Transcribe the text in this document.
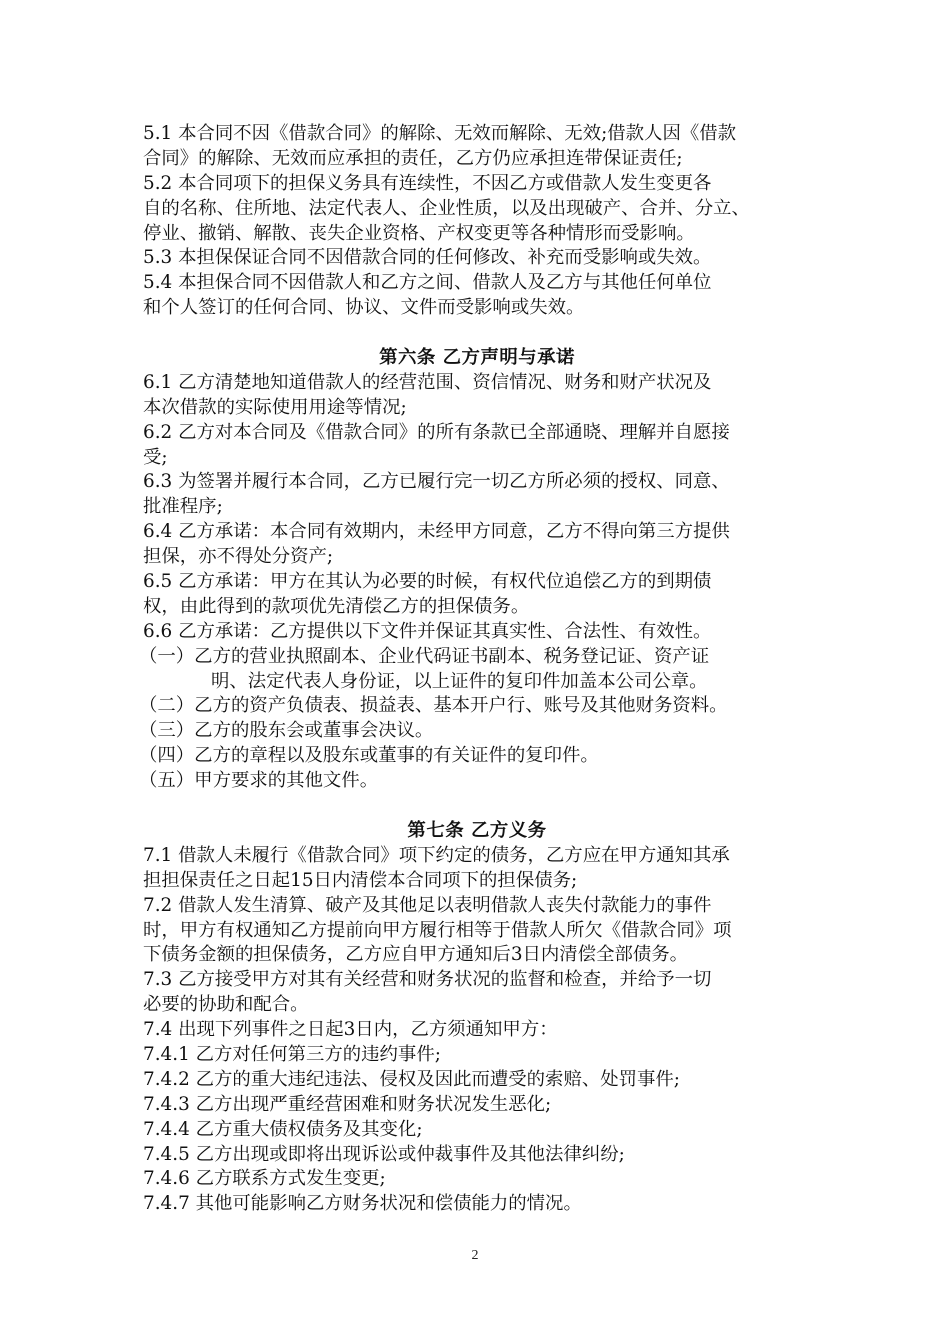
5.1 本合同不因《借款合同》的解除、无效而解除、无效;借款人因《借款
合同》的解除、无效而应承担的责任，乙方仍应承担连带保证责任;
5.2 本合同项下的担保义务具有连续性，不因乙方或借款人发生变更各
自的名称、住所地、法定代表人、企业性质，以及出现破产、合并、分立、
停业、撤销、解散、丧失企业资格、产权变更等各种情形而受影响。
5.3 本担保保证合同不因借款合同的任何修改、补充而受影响或失效。
5.4 本担保合同不因借款人和乙方之间、借款人及乙方与其他任何单位
和个人签订的任何合同、协议、文件而受影响或失效。
第六条 乙方声明与承诺
6.1 乙方清楚地知道借款人的经营范围、资信情况、财务和财产状况及
本次借款的实际使用用途等情况;
6.2 乙方对本合同及《借款合同》的所有条款已全部通晓、理解并自愿接
受;
6.3 为签署并履行本合同，乙方已履行完一切乙方所必须的授权、同意、
批准程序;
6.4 乙方承诺：本合同有效期内，未经甲方同意，乙方不得向第三方提供
担保，亦不得处分资产;
6.5 乙方承诺：甲方在其认为必要的时候，有权代位追偿乙方的到期债
权，由此得到的款项优先清偿乙方的担保债务。
6.6 乙方承诺：乙方提供以下文件并保证其真实性、合法性、有效性。
（一）乙方的营业执照副本、企业代码证书副本、税务登记证、资产证
明、法定代表人身份证，以上证件的复印件加盖本公司公章。
（二）乙方的资产负债表、损益表、基本开户行、账号及其他财务资料。
（三）乙方的股东会或董事会决议。
（四）乙方的章程以及股东或董事的有关证件的复印件。
（五）甲方要求的其他文件。
第七条 乙方义务
7.1 借款人未履行《借款合同》项下约定的债务，乙方应在甲方通知其承
担担保责任之日起15日内清偿本合同项下的担保债务;
7.2 借款人发生清算、破产及其他足以表明借款人丧失付款能力的事件
时，甲方有权通知乙方提前向甲方履行相等于借款人所欠《借款合同》项
下债务金额的担保债务，乙方应自甲方通知后3日内清偿全部债务。
7.3 乙方接受甲方对其有关经营和财务状况的监督和检查，并给予一切
必要的协助和配合。
7.4 出现下列事件之日起3日内，乙方须通知甲方：
7.4.1 乙方对任何第三方的违约事件;
7.4.2 乙方的重大违纪违法、侵权及因此而遭受的索赔、处罚事件;
7.4.3 乙方出现严重经营困难和财务状况发生恶化;
7.4.4 乙方重大债权债务及其变化;
7.4.5 乙方出现或即将出现诉讼或仲裁事件及其他法律纠纷;
7.4.6 乙方联系方式发生变更;
7.4.7 其他可能影响乙方财务状况和偿债能力的情况。
2
